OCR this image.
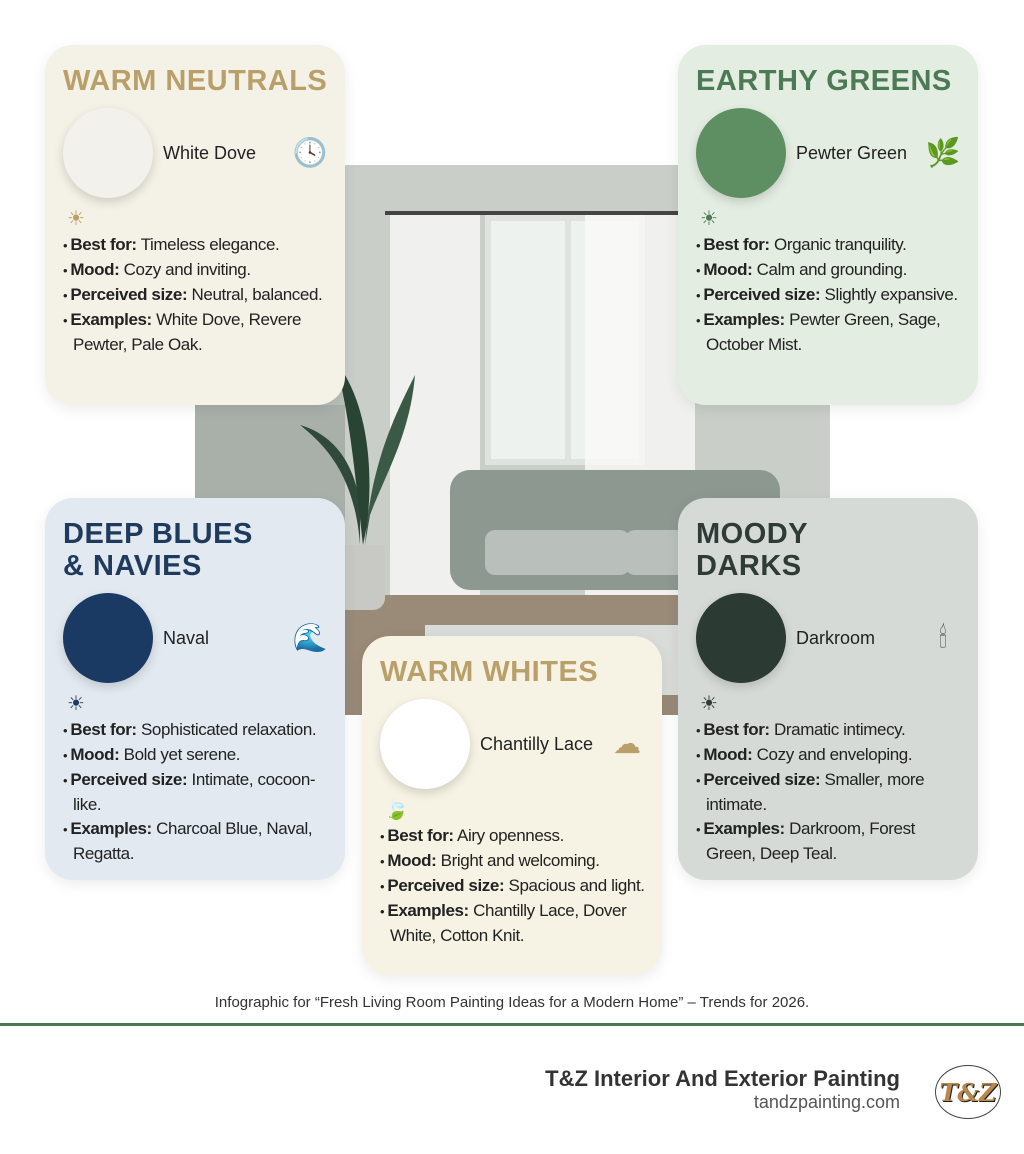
WARM NEUTRALS
White Dove	🕓
☀
• Best for: Timeless elegance.
• Mood: Cozy and inviting.
• Perceived size: Neutral, balanced.
• Examples: White Dove, Revere Pewter, Pale Oak.
EARTHY GREENS
Pewter Green 🌿
☀
• Best for: Organic tranquility.
• Mood: Calm and grounding.
• Perceived size: Slightly expansive.
• Examples: Pewter Green, Sage, October Mist.
DEEP BLUES & NAVIES
Naval	🌊
☀
• Best for: Sophisticated relaxation.
• Mood: Bold yet serene.
• Perceived size: Intimate, cocoon-like.
• Examples: Charcoal Blue, Naval, Regatta.
WARM WHITES
Chantilly Lace ☁
🍃
• Best for: Airy openness.
• Mood: Bright and welcoming.
• Perceived size: Spacious and light.
• Examples: Chantilly Lace, Dover White, Cotton Knit.
MOODY DARKS
Darkroom	🕯
☀
• Best for: Dramatic intimecy.
• Mood: Cozy and enveloping.
• Perceived size: Smaller, more intimate.
• Examples: Darkroom, Forest Green, Deep Teal.
Infographic for “Fresh Living Room Painting Ideas for a Modern Home” – Trends for 2026.
T&Z Interior And Exterior Painting
tandzpainting.com T&Z
